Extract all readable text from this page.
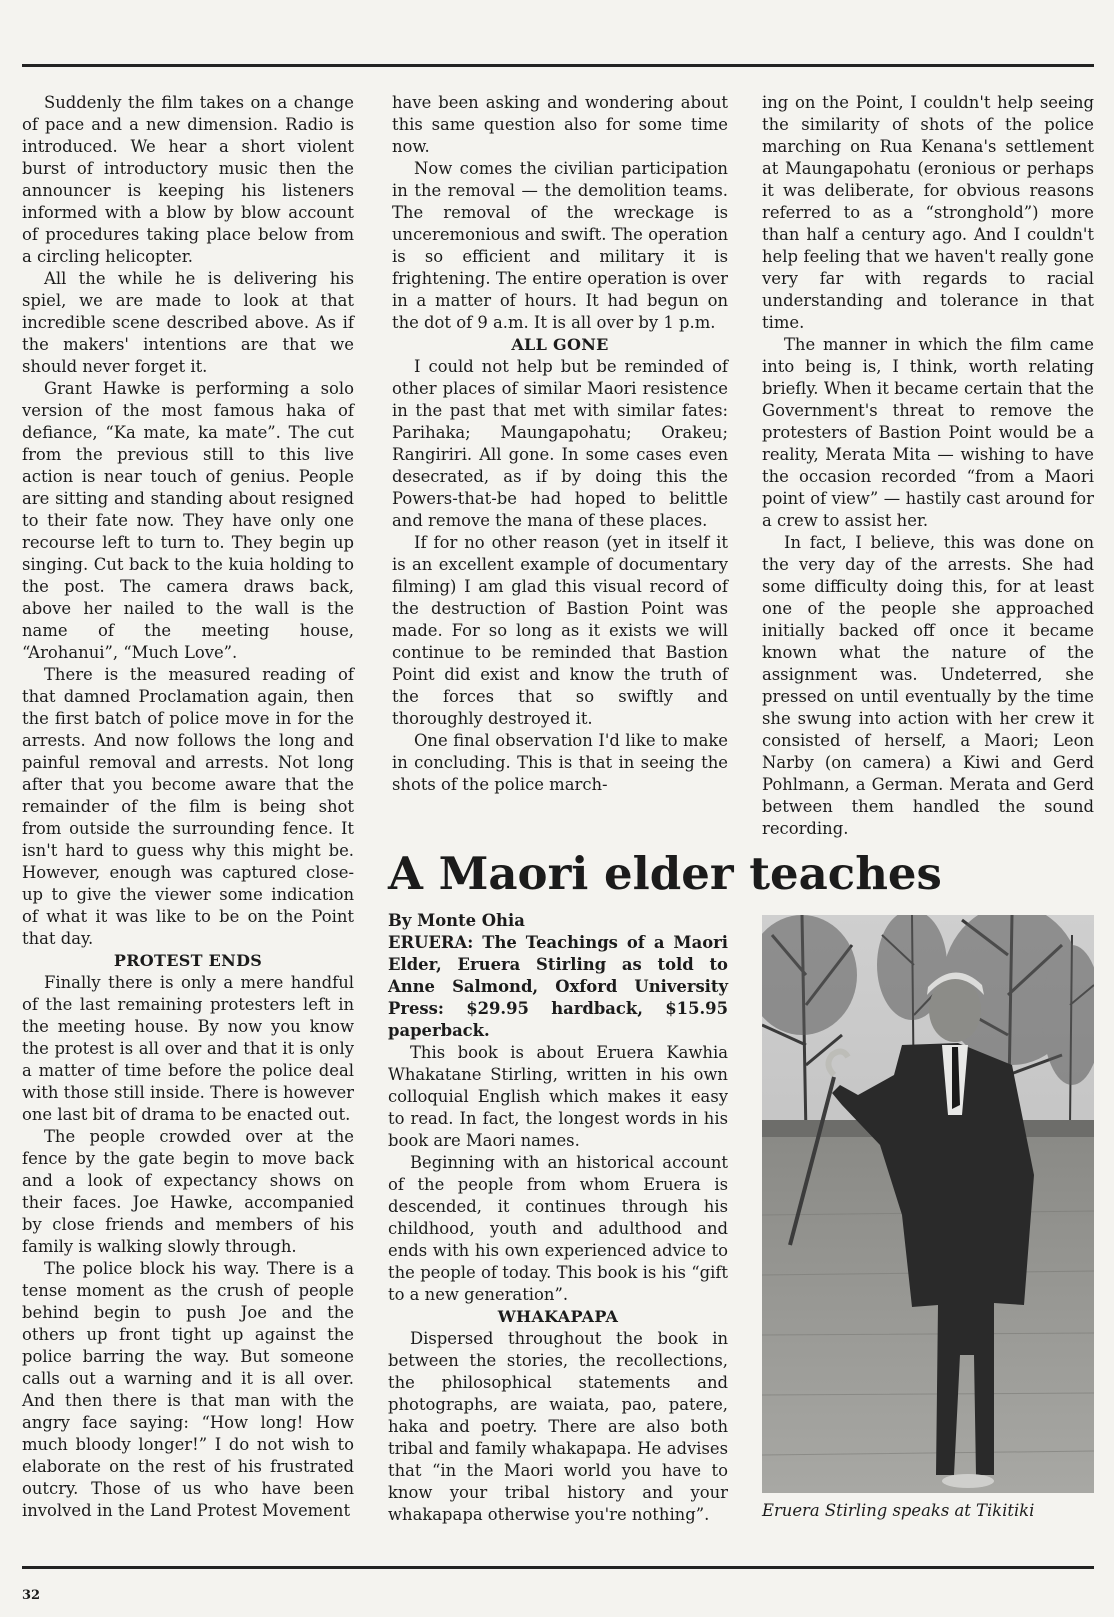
Suddenly the film takes on a change of pace and a new dimension. Radio is introduced. We hear a short violent burst of introductory music then the announcer is keeping his listeners informed with a blow by blow account of procedures taking place below from a circling helicopter.

All the while he is delivering his spiel, we are made to look at that incredible scene described above. As if the makers' intentions are that we should never forget it.

Grant Hawke is performing a solo version of the most famous haka of defiance, “Ka mate, ka mate”. The cut from the previous still to this live action is near touch of genius. People are sitting and standing about resigned to their fate now. They have only one recourse left to turn to. They begin up singing. Cut back to the kuia holding to the post. The camera draws back, above her nailed to the wall is the name of the meeting house, “Arohanui”, “Much Love”.

There is the measured reading of that damned Proclamation again, then the first batch of police move in for the arrests. And now follows the long and painful removal and arrests. Not long after that you become aware that the remainder of the film is being shot from outside the surrounding fence. It isn't hard to guess why this might be. However, enough was captured close-up to give the viewer some indication of what it was like to be on the Point that day.

PROTEST ENDS

Finally there is only a mere handful of the last remaining protesters left in the meeting house. By now you know the protest is all over and that it is only a matter of time before the police deal with those still inside. There is however one last bit of drama to be enacted out.

The people crowded over at the fence by the gate begin to move back and a look of expectancy shows on their faces. Joe Hawke, accompanied by close friends and members of his family is walking slowly through.

The police block his way. There is a tense moment as the crush of people behind begin to push Joe and the others up front tight up against the police barring the way. But someone calls out a warning and it is all over. And then there is that man with the angry face saying: “How long! How much bloody longer!” I do not wish to elaborate on the rest of his frustrated outcry. Those of us who have been involved in the Land Protest Movement

have been asking and wondering about this same question also for some time now.

Now comes the civilian participation in the removal — the demolition teams. The removal of the wreckage is unceremonious and swift. The operation is so efficient and military it is frightening. The entire operation is over in a matter of hours. It had begun on the dot of 9 a.m. It is all over by 1 p.m.

ALL GONE

I could not help but be reminded of other places of similar Maori resistence in the past that met with similar fates: Parihaka; Maungapohatu; Orakeu; Rangiriri. All gone. In some cases even desecrated, as if by doing this the Powers-that-be had hoped to belittle and remove the mana of these places.

If for no other reason (yet in itself it is an excellent example of documentary filming) I am glad this visual record of the destruction of Bastion Point was made. For so long as it exists we will continue to be reminded that Bastion Point did exist and know the truth of the forces that so swiftly and thoroughly destroyed it.

One final observation I'd like to make in concluding. This is that in seeing the shots of the police march-

ing on the Point, I couldn't help seeing the similarity of shots of the police marching on Rua Kenana's settlement at Maungapohatu (eronious or perhaps it was deliberate, for obvious reasons referred to as a “stronghold”) more than half a century ago. And I couldn't help feeling that we haven't really gone very far with regards to racial understanding and tolerance in that time.

The manner in which the film came into being is, I think, worth relating briefly. When it became certain that the Government's threat to remove the protesters of Bastion Point would be a reality, Merata Mita — wishing to have the occasion recorded “from a Maori point of view” — hastily cast around for a crew to assist her.

In fact, I believe, this was done on the very day of the arrests. She had some difficulty doing this, for at least one of the people she approached initially backed off once it became known what the nature of the assignment was. Undeterred, she pressed on until eventually by the time she swung into action with her crew it consisted of herself, a Maori; Leon Narby (on camera) a Kiwi and Gerd Pohlmann, a German. Merata and Gerd between them handled the sound recording.

A Maori elder teaches

By Monte Ohia

ERUERA: The Teachings of a Maori Elder, Eruera Stirling as told to Anne Salmond, Oxford University Press: $29.95 hardback, $15.95 paperback.

This book is about Eruera Kawhia Whakatane Stirling, written in his own colloquial English which makes it easy to read. In fact, the longest words in his book are Maori names.

Beginning with an historical account of the people from whom Eruera is descended, it continues through his childhood, youth and adulthood and ends with his own experienced advice to the people of today. This book is his “gift to a new generation”.

WHAKAPAPA

Dispersed throughout the book in between the stories, the recollections, the philosophical statements and photographs, are waiata, pao, patere, haka and poetry. There are also both tribal and family whakapapa. He advises that “in the Maori world you have to know your tribal history and your whakapapa otherwise you're nothing”.	Eruera Stirling speaks at Tikitiki

32
